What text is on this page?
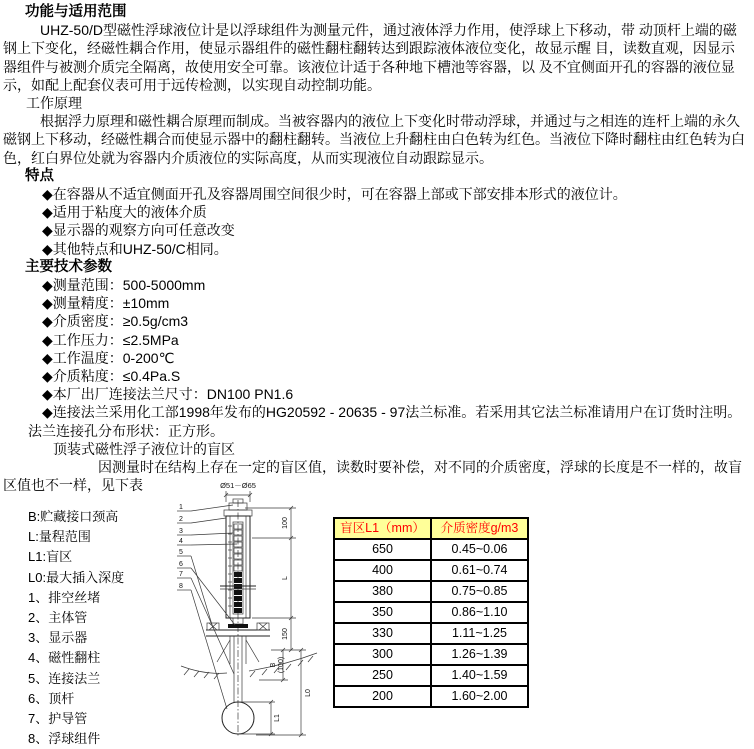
功能与适用范围

UHZ-50/D型磁性浮球液位计是以浮球组件为测量元件，通过液体浮力作用，使浮球上下移动，带 动顶杆上端的磁钢上下变化，经磁性耦合作用，使显示器组件的磁性翻柱翻转达到跟踪液体液位变化，故显示醒 目，读数直观，因显示器组件与被测介质完全隔离，故使用安全可靠。该液位计适于各种地下槽池等容器，以 及不宜侧面开孔的容器的液位显示，如配上配套仪表可用于远传检测，以实现自动控制功能。

工作原理

根据浮力原理和磁性耦合原理而制成。当被容器内的液位上下变化时带动浮球，并通过与之相连的连杆上端的永久磁钢上下移动，经磁性耦合而使显示器中的翻柱翻转。当液位上升翻柱由白色转为红色。当液位下降时翻柱由红色转为白色，红白界位处就为容器内介质液位的实际高度，从而实现液位自动跟踪显示。

特点

◆在容器从不适宜侧面开孔及容器周围空间很少时，可在容器上部或下部安排本形式的液位计。

◆适用于粘度大的液体介质

◆显示器的观察方向可任意改变

◆其他特点和UHZ-50/C相同。

主要技术参数

◆测量范围：500-5000mm

◆测量精度：±10mm

◆介质密度：≥0.5g/cm3

◆工作压力：≤2.5MPa

◆工作温度：0-200℃

◆介质粘度：≤0.4Pa.S

◆本厂出厂连接法兰尺寸：DN100 PN1.6

◆连接法兰采用化工部1998年发布的HG20592 - 20635 - 97法兰标准。若采用其它法兰标准请用户在订货时注明。法兰连接孔分布形状：正方形。

顶装式磁性浮子液位计的盲区

因测量时在结构上存在一定的盲区值，读数时要补偿，对不同的介质密度，浮球的长度是不一样的，故盲区值也不一样，见下表

B:贮藏接口颈高
L:量程范围
L1:盲区
L0:最大插入深度
1、排空丝堵
2、主体管
3、显示器
4、磁性翻柱
5、连接法兰
6、顶杆
7、护导管
8、浮球组件
Ø51－Ø65
1
2
3
4
5
6
7
8
100
L
150
B (100)
L0
L1
盲区L1（mm）	介质密度g/m3
650	0.45~0.06
400	0.61~0.74
380	0.75~0.85
350	0.86~1.10
330	1.11~1.25
300	1.26~1.39
250	1.40~1.59
200	1.60~2.00
